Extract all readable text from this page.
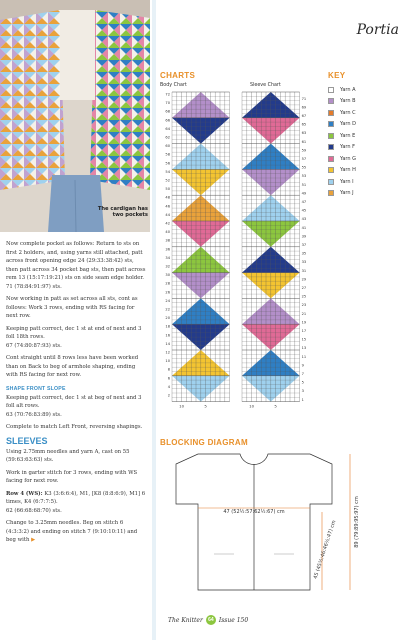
The cardigan has two pockets
Portia
CHARTS
Body Chart	Sleeve Chart
2
4
6
8
10
12
14
16
18
20
22
24
26
28
30
32
34
36
38
40
42
44
46
48
50
52
54
56
58
60
62
64
66
68
70
72
10	5
1
3
5
7
9
11
13
15
17
19
21
23
25
27
29
31
33
35
37
39
41
43
45
47
49
51
53
55
57
59
61
63
65
67
69
71
10	5
KEY
Yarn A
Yarn B
Yarn C
Yarn D
Yarn E
Yarn F
Yarn G
Yarn H
Yarn I
Yarn J
BLOCKING DIAGRAM
47 (52½:57:62½:67) cm
45 (45½:46:46½:47) cm	89 (79:89:95:97) cm

Now complete pocket as follows: Return to sts on first 2 holders, and, using yarns still attached, patt across front opening edge 24 (29:33:38:42) sts, then patt across 34 pocket bag sts, then patt across rem 13 (15:17:19:21) sts on side seam edge holder.
71 (78:84:91:97) sts.

Now working in patt as set across all sts, cont as follows: Work 3 rows, ending with RS facing for next row.

Keeping patt correct, dec 1 st at end of next and 3 foll 18th rows.
67 (74:80:87:93) sts.

Cont straight until 8 rows less have been worked than on Back to beg of armhole shaping, ending with RS facing for next row.

SHAPE FRONT SLOPE

Keeping patt correct, dec 1 st at beg of next and 3 foll alt rows.
63 (70:76:83:89) sts.

Complete to match Left Front, reversing shapings.

SLEEVES

Using 2.75mm needles and yarn A, cast on 55 (59:63:63:63) sts.

Work in garter stitch for 3 rows, ending with WS facing for next row.

Row 4 (WS): K3 (3:6:6:4), M1, [K8 (8:8:6:9), M1] 6 times, K4 (6:7:7:5).
62 (66:68:68:70) sts.

Change to 3.25mm needles. Beg on stitch 6 (4:3:3:2) and ending on stitch 7 (9:10:10:11) and beg with ▶

The Knitter	64 Issue 150
